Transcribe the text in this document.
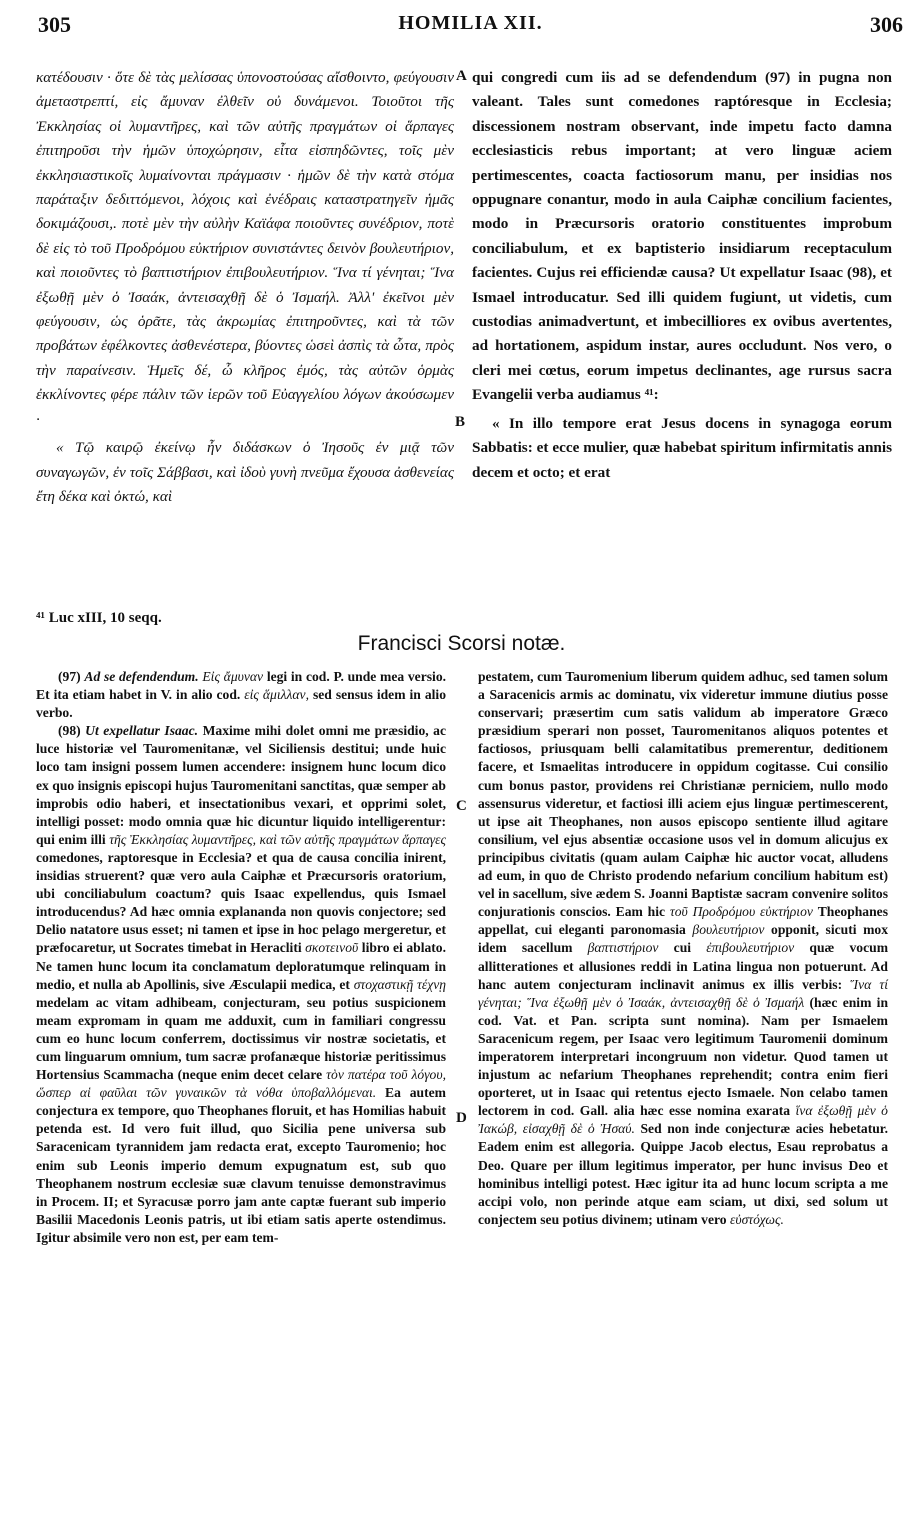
305	HOMILIA XII.	306

κατέδουσιν · ὅτε δὲ τὰς μελίσσας ὑπονοστούσας αἴσθοιντο, φεύγουσιν ἀμεταστρεπτί, εἰς ἄμυναν ἐλθεῖν οὐ δυνάμενοι. Τοιοῦτοι τῆς Ἐκκλησίας οἱ λυμαντῆρες, καὶ τῶν αὐτῆς πραγμάτων οἱ ἅρπαγες ἐπιτηροῦσι τὴν ἡμῶν ὑποχώρησιν, εἶτα εἰσπηδῶντες, τοῖς μὲν ἐκκλησιαστικοῖς λυμαίνονται πράγμασιν · ἡμῶν δὲ τὴν κατὰ στόμα παράταξιν δεδιττόμενοι, λόχοις καὶ ἐνέδραις καταστρατηγεῖν ἡμᾶς δοκιμάζουσι,. ποτὲ μὲν τὴν αὐλὴν Καϊάφα ποιοῦντες συνέδριον, ποτὲ δὲ εἰς τὸ τοῦ Προδρόμου εὐκτήριον συνιστάντες δεινὸν βουλευτήριον, καὶ ποιοῦντες τὸ βαπτιστήριον ἐπιβουλευτήριον. Ἵνα τί γένηται; Ἵνα ἐξωθῇ μὲν ὁ Ἰσαάκ, ἀντεισαχθῇ δὲ ὁ Ἰσμαήλ. Ἀλλ' ἐκεῖνοι μὲν φεύγουσιν, ὡς ὁρᾶτε, τὰς ἀκρωμίας ἐπιτηροῦντες, καὶ τὰ τῶν προβάτων ἐφέλκοντες ἀσθενέστερα, βύοντες ὡσεὶ ἀσπὶς τὰ ὦτα, πρὸς τὴν παραίνεσιν. Ἡμεῖς δέ, ὦ κλῆρος ἐμός, τὰς αὐτῶν ὁρμὰς ἐκκλίνοντες φέρε πάλιν τῶν ἱερῶν τοῦ Εὐαγγελίου λόγων ἀκούσωμεν ·

« Τῷ καιρῷ ἐκείνῳ ἦν διδάσκων ὁ Ἰησοῦς ἐν μιᾷ τῶν συναγωγῶν, ἐν τοῖς Σάββασι, καὶ ἰδοὺ γυνὴ πνεῦμα ἔχουσα ἀσθενείας ἔτη δέκα καὶ ὀκτώ, καὶ

qui congredi cum iis ad se defendendum (97) in pugna non valeant. Tales sunt comedones raptóresque in Ecclesia; discessionem nostram observant, inde impetu facto damna ecclesiasticis rebus important; at vero linguæ aciem pertimescentes, coacta factiosorum manu, per insidias nos oppugnare conantur, modo in aula Caiphæ concilium facientes, modo in Præcursoris oratorio constituentes improbum conciliabulum, et ex baptisterio insidiarum receptaculum facientes. Cujus rei efficiendæ causa? Ut expellatur Isaac (98), et Ismael introducatur. Sed illi quidem fugiunt, ut videtis, cum custodias animadvertunt, et imbecilliores ex ovibus avertentes, ad hortationem, aspidum instar, aures occludunt. Nos vero, o cleri mei cœtus, eorum impetus declinantes, age rursus sacra Evangelii verba audiamus ⁴¹:

« In illo tempore erat Jesus docens in synagoga eorum Sabbatis: et ecce mulier, quæ habebat spiritum infirmitatis annis decem et octo; et erat

A
B
C
D
⁴¹ Luc xIII, 10 seqq.
Francisci Scorsi notæ.

(97) Ad se defendendum. Εἰς ἄμυναν legi in cod. P. unde mea versio. Et ita etiam habet in V. in alio cod. εἰς ἅμιλλαν, sed sensus idem in alio verbo.

(98) Ut expellatur Isaac. Maxime mihi dolet omni me præsidio, ac luce historiæ vel Tauromenitanæ, vel Siciliensis destitui; unde huic loco tam insigni possem lumen accendere: insignem hunc locum dico ex quo insignis episcopi hujus Tauromenitani sanctitas, quæ semper ab improbis odio haberi, et insectationibus vexari, et opprimi solet, intelligi posset: modo omnia quæ hic dicuntur liquido intelligerentur: qui enim illi τῆς Ἐκκλησίας λυμαντῆρες, καὶ τῶν αὐτῆς πραγμάτων ἅρπαγες comedones, raptoresque in Ecclesia? et qua de causa concilia inirent, insidias struerent? quæ vero aula Caiphæ et Præcursoris oratorium, ubi conciliabulum coactum? quis Isaac expellendus, quis Ismael introducendus? Ad hæc omnia explananda non quovis conjectore; sed Delio natatore usus esset; ni tamen et ipse in hoc pelago mergeretur, et præfocaretur, ut Socrates timebat in Heracliti σκοτεινοῦ libro ei ablato. Ne tamen hunc locum ita conclamatum deploratumque relinquam in medio, et nulla ab Apollinis, sive Æsculapii medica, et στοχαστικῇ τέχνῃ medelam ac vitam adhibeam, conjecturam, seu potius suspicionem meam expromam in quam me adduxit, cum in familiari congressu cum eo hunc locum conferrem, doctissimus vir nostræ societatis, et cum linguarum omnium, tum sacræ profanæque historiæ peritissimus Hortensius Scammacha (neque enim decet celare τὸν πατέρα τοῦ λόγου, ὥσπερ αἱ φαῦλαι τῶν γυναικῶν τὰ νόθα ὑποβαλλόμεναι. Ea autem conjectura ex tempore, quo Theophanes floruit, et has Homilias habuit petenda est. Id vero fuit illud, quo Sicilia pene universa sub Saracenicam tyrannidem jam redacta erat, excepto Tauromenio; hoc enim sub Leonis imperio demum expugnatum est, sub quo Theophanem nostrum ecclesiæ suæ clavum tenuisse demonstravimus in Procem. II; et Syracusæ porro jam ante captæ fuerant sub imperio Basilii Macedonis Leonis patris, ut ibi etiam satis aperte ostendimus. Igitur absimile vero non est, per eam tem-

pestatem, cum Tauromenium liberum quidem adhuc, sed tamen solum a Saracenicis armis ac dominatu, vix videretur immune diutius posse conservari; præsertim cum satis validum ab imperatore Græco præsidium sperari non posset, Tauromenitanos aliquos potentes et factiosos, priusquam belli calamitatibus premerentur, deditionem facere, et Ismaelitas introducere in oppidum cogitasse. Cui consilio cum bonus pastor, providens rei Christianæ perniciem, nullo modo assensurus videretur, et factiosi illi aciem ejus linguæ pertimescerent, ut ipse ait Theophanes, non ausos episcopo sentiente illud agitare consilium, vel ejus absentiæ occasione usos vel in domum alicujus ex principibus civitatis (quam aulam Caiphæ hic auctor vocat, alludens ad eum, in quo de Christo prodendo nefarium concilium habitum est) vel in sacellum, sive ædem S. Joanni Baptistæ sacram convenire solitos conjurationis conscios. Eam hic τοῦ Προδρόμου εὐκτήριον Theophanes appellat, cui eleganti paronomasia βουλευτήριον opponit, sicuti mox idem sacellum βαπτιστήριον cui ἐπιβουλευτήριον quæ vocum allitterationes et allusiones reddi in Latina lingua non potuerunt. Ad hanc autem conjecturam inclinavit animus ex illis verbis: Ἵνα τί γένηται; Ἵνα ἐξωθῇ μὲν ὁ Ἰσαάκ, ἀντεισαχθῇ δὲ ὁ Ἰσμαήλ (hæc enim in cod. Vat. et Pan. scripta sunt nomina). Nam per Ismaelem Saracenicum regem, per Isaac vero legitimum Tauromenii dominum imperatorem interpretari incongruum non videtur. Quod tamen ut injustum ac nefarium Theophanes reprehendit; contra enim fieri oporteret, ut in Isaac qui retentus ejecto Ismaele. Non celabo tamen lectorem in cod. Gall. alia hæc esse nomina exarata ἵνα ἐξωθῇ μὲν ὁ Ἰακώβ, εἰσαχθῇ δὲ ὁ Ἠσαύ. Sed non inde conjecturæ acies hebetatur. Eadem enim est allegoria. Quippe Jacob electus, Esau reprobatus a Deo. Quare per illum legitimus imperator, per hunc invisus Deo et hominibus intelligi potest. Hæc igitur ita ad hunc locum scripta a me accipi volo, non perinde atque eam sciam, ut dixi, sed solum ut conjectem seu potius divinem; utinam vero εὐστόχως.
